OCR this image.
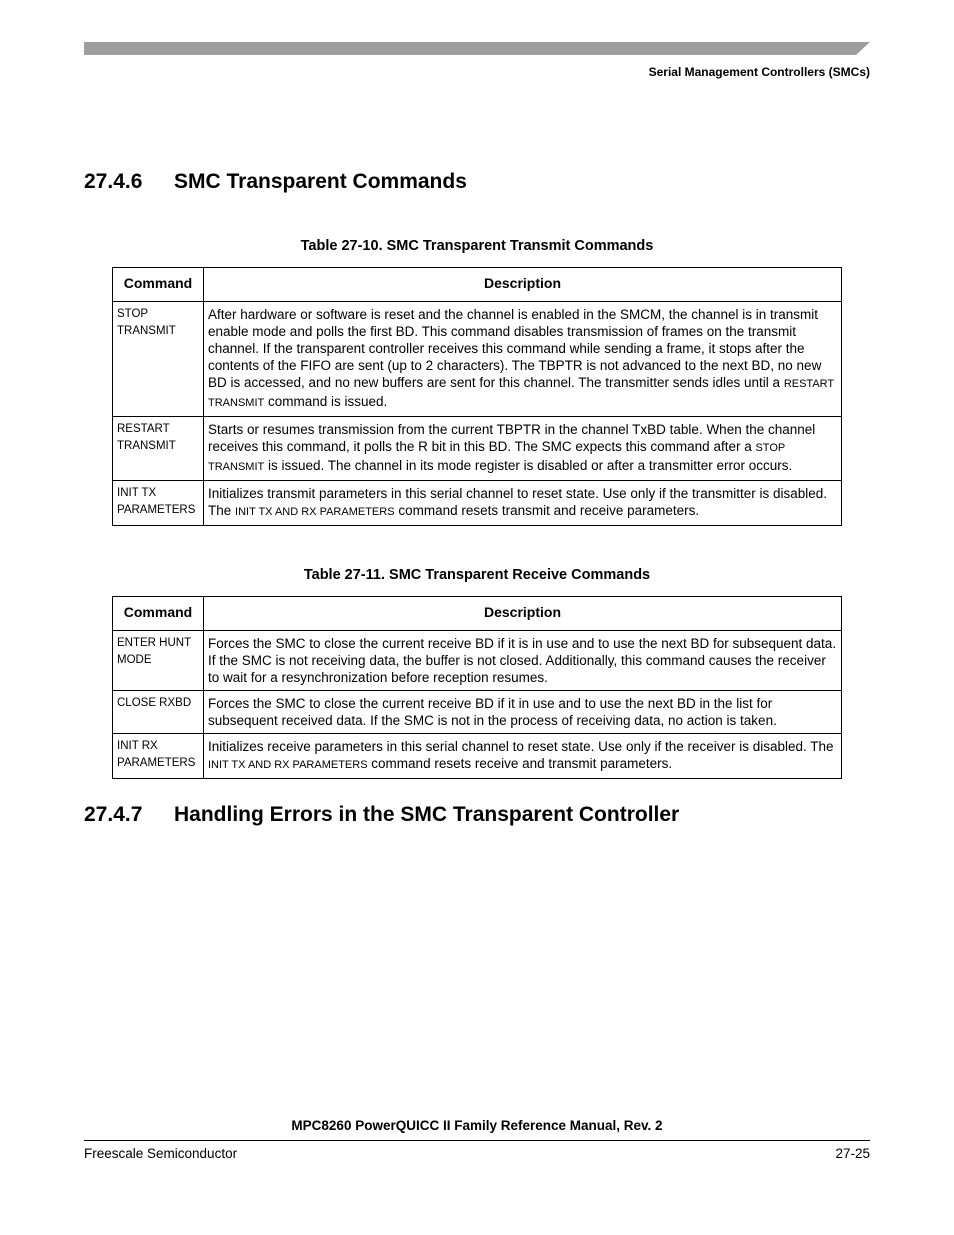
Serial Management Controllers (SMCs)
27.4.6 SMC Transparent Commands
Table 27-10. SMC Transparent Transmit Commands
Command	Description

STOP
TRANSMIT	After hardware or software is reset and the channel is enabled in the SMCM, the channel is in transmit enable mode and polls the first BD. This command disables transmission of frames on the transmit channel. If the transparent controller receives this command while sending a frame, it stops after the contents of the FIFO are sent (up to 2 characters). The TBPTR is not advanced to the next BD, no new BD is accessed, and no new buffers are sent for this channel. The transmitter sends idles until a RESTART TRANSMIT command is issued.

RESTART
TRANSMIT	Starts or resumes transmission from the current TBPTR in the channel TxBD table. When the channel receives this command, it polls the R bit in this BD. The SMC expects this command after a STOP TRANSMIT is issued. The channel in its mode register is disabled or after a transmitter error occurs.

INIT TX
PARAMETERS	Initializes transmit parameters in this serial channel to reset state. Use only if the transmitter is disabled. The INIT TX AND RX PARAMETERS command resets transmit and receive parameters.
Table 27-11. SMC Transparent Receive Commands
Command	Description

ENTER HUNT
MODE	Forces the SMC to close the current receive BD if it is in use and to use the next BD for subsequent data. If the SMC is not receiving data, the buffer is not closed. Additionally, this command causes the receiver to wait for a resynchronization before reception resumes.

CLOSE RXBD	Forces the SMC to close the current receive BD if it in use and to use the next BD in the list for subsequent received data. If the SMC is not in the process of receiving data, no action is taken.

INIT RX
PARAMETERS	Initializes receive parameters in this serial channel to reset state. Use only if the receiver is disabled. The INIT TX AND RX PARAMETERS command resets receive and transmit parameters.
27.4.7 Handling Errors in the SMC Transparent Controller
MPC8260 PowerQUICC II Family Reference Manual, Rev. 2
Freescale Semiconductor	27-25
